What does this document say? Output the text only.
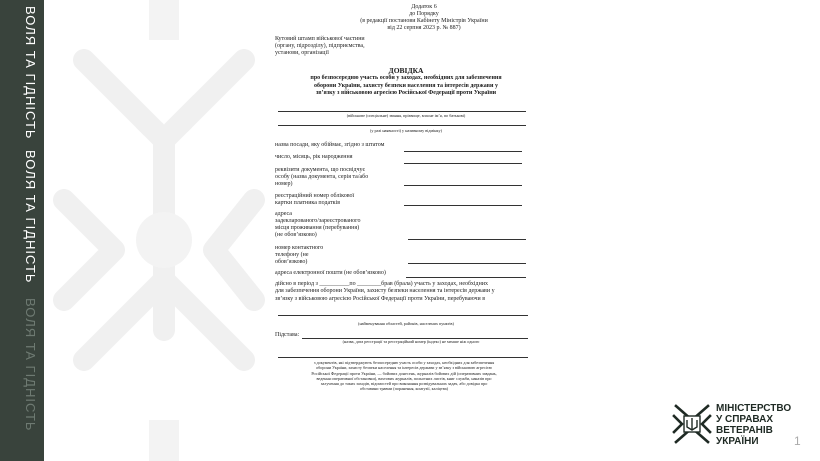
ВОЛЯ ТА ГІДНІСТЬ
ВОЛЯ ТА ГІДНІСТЬ
ВОЛЯ ТА ГІДНІСТЬ
Додаток 6
до Порядку
(в редакції постанови Кабінету Міністрів України
від 22 серпня 2023 р. № 887)
Кутовий штамп військової частини
(органу, підрозділу), підприємства,
установи, організації
ДОВІДКА
про безпосередню участь особи у заходах, необхідних для забезпечення
оборони України, захисту безпеки населення та інтересів держави у
зв’язку з військовою агресією Російської Федерації проти України
(військове (спеціальне) звання, прізвище, власне ім’я, по батькові)
(у разі наявності) у називному відмінку)
назва посади, яку обіймає, згідно з штатом
число, місяць, рік народження
реквізити документа, що посвідчує
особу (назва документа, серія та/або
номер)
реєстраційний номер облікової
картки платника податків
адреса
задекларованого/зареєстрованого
місця проживання (перебування)
(не обов’язково)
номер контактного
телефону (не
обов’язково)
адреса електронної пошти (не обов’язково)
дійсно в період з __________по ________брав (брала) участь у заходах, необхідних
для забезпечення оборони України, захисту безпеки населення та інтересів держави у
зв’язку з військовою агресією Російської Федерації проти України, перебуваючи в
(найменування областей, районів, населених пунктів)
Підстава:
(назва, дата реєстрації та реєстраційний номер (індекс) не менше ніж одного
з документів, які підтверджують безпосередню участь особи у заходах, необхідних для забезпечення
оборони України, захисту безпеки населення та інтересів держави у зв’язку з військовою агресією
Російської Федерації проти України, — бойових донесень, журналів бойових дій (оперативних завдань,
ведення оперативної обстановки), вахтових журналів, польотних листів, книг служби, наказів про
залучення до таких заходів, відомостей про виконання розвідувальних задач, або довідка про
обставини травми (поранення, контузії, каліцтва)
МІНІСТЕРСТВО
У СПРАВАХ
ВЕТЕРАНІВ
УКРАЇНИ	1
